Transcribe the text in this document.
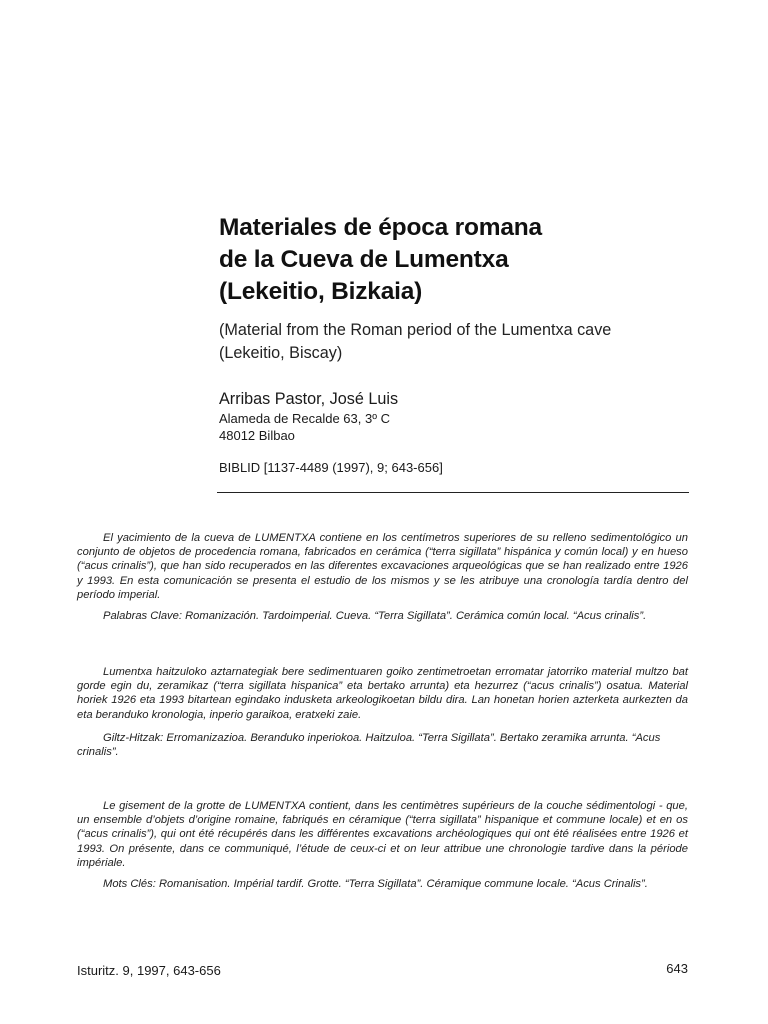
Materiales de época romana
de la Cueva de Lumentxa
(Lekeitio, Bizkaia)
(Material from the Roman period of the Lumentxa cave
(Lekeitio, Biscay)
Arribas Pastor, José Luis
Alameda de Recalde 63, 3º C
48012 Bilbao
BIBLID [1137-4489 (1997), 9; 643-656]

El yacimiento de la cueva de LUMENTXA contiene en los centímetros superiores de su relleno sedimentológico un conjunto de objetos de procedencia romana, fabricados en cerámica (“terra sigillata” hispánica y común local) y en hueso (“acus crinalis”), que han sido recuperados en las diferentes excavaciones arqueológicas que se han realizado entre 1926 y 1993. En esta comunicación se presenta el estudio de los mismos y se les atribuye una cronología tardía dentro del período imperial.

Palabras Clave: Romanización. Tardoimperial. Cueva. “Terra Sigillata”. Cerámica común local. “Acus crinalis”.

Lumentxa haitzuloko aztarnategiak bere sedimentuaren goiko zentimetroetan erromatar jatorriko material multzo bat gorde egin du, zeramikaz (“terra sigillata hispanica” eta bertako arrunta) eta hezurrez (“acus crinalis”) osatua. Material horiek 1926 eta 1993 bitartean egindako indusketa arkeologikoetan bildu dira. Lan honetan horien azterketa aurkezten da eta beranduko kronologia, inperio garaikoa, eratxeki zaie.

Giltz-Hitzak: Erromanizazioa. Beranduko inperiokoa. Haitzuloa. “Terra Sigillata”. Bertako zeramika arrunta. “Acus crinalis”.

Le gisement de la grotte de LUMENTXA contient, dans les centimètres supérieurs de la couche sédimentologi - que, un ensemble d’objets d’origine romaine, fabriqués en céramique (“terra sigillata” hispanique et commune locale) et en os (“acus crinalis”), qui ont été récupérés dans les différentes excavations archéologiques qui ont été réalisées entre 1926 et 1993. On présente, dans ce communiqué, l’étude de ceux-ci et on leur attribue une chronologie tardive dans la période impériale.

Mots Clés: Romanisation. Impérial tardif. Grotte. “Terra Sigillata”. Céramique commune locale. “Acus Crinalis”.

Isturitz. 9, 1997, 643-656	643
